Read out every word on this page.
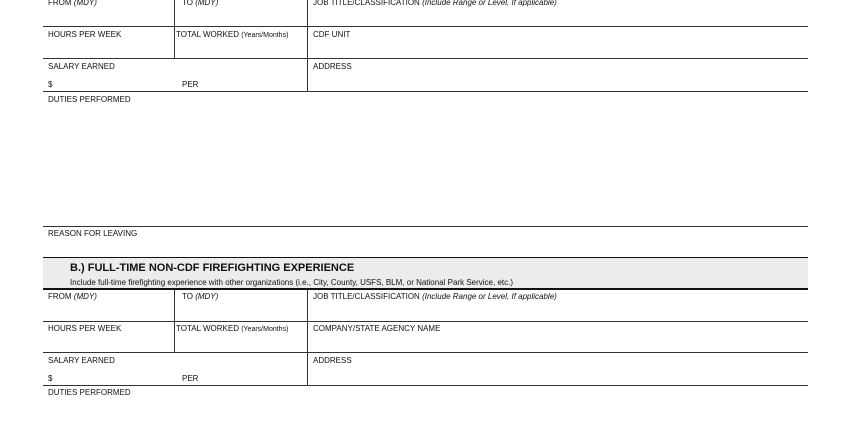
FROM (MDY)	TO (MDY)	JOB TITLE/CLASSIFICATION (Include Range or Level, If applicable)
HOURS PER WEEK	TOTAL WORKED (Years/Months)	CDF UNIT
SALARY EARNED	ADDRESS
$	PER
DUTIES PERFORMED
REASON FOR LEAVING
B.) FULL-TIME NON-CDF FIREFIGHTING EXPERIENCE
Include full-time firefighting experience with other organizations (i.e., City, County, USFS, BLM, or National Park Service, etc.)
FROM (MDY)	TO (MDY)	JOB TITLE/CLASSIFICATION (Include Range or Level, If applicable)
HOURS PER WEEK	TOTAL WORKED (Years/Months)	COMPANY/STATE AGENCY NAME
SALARY EARNED	ADDRESS
$	PER
DUTIES PERFORMED
